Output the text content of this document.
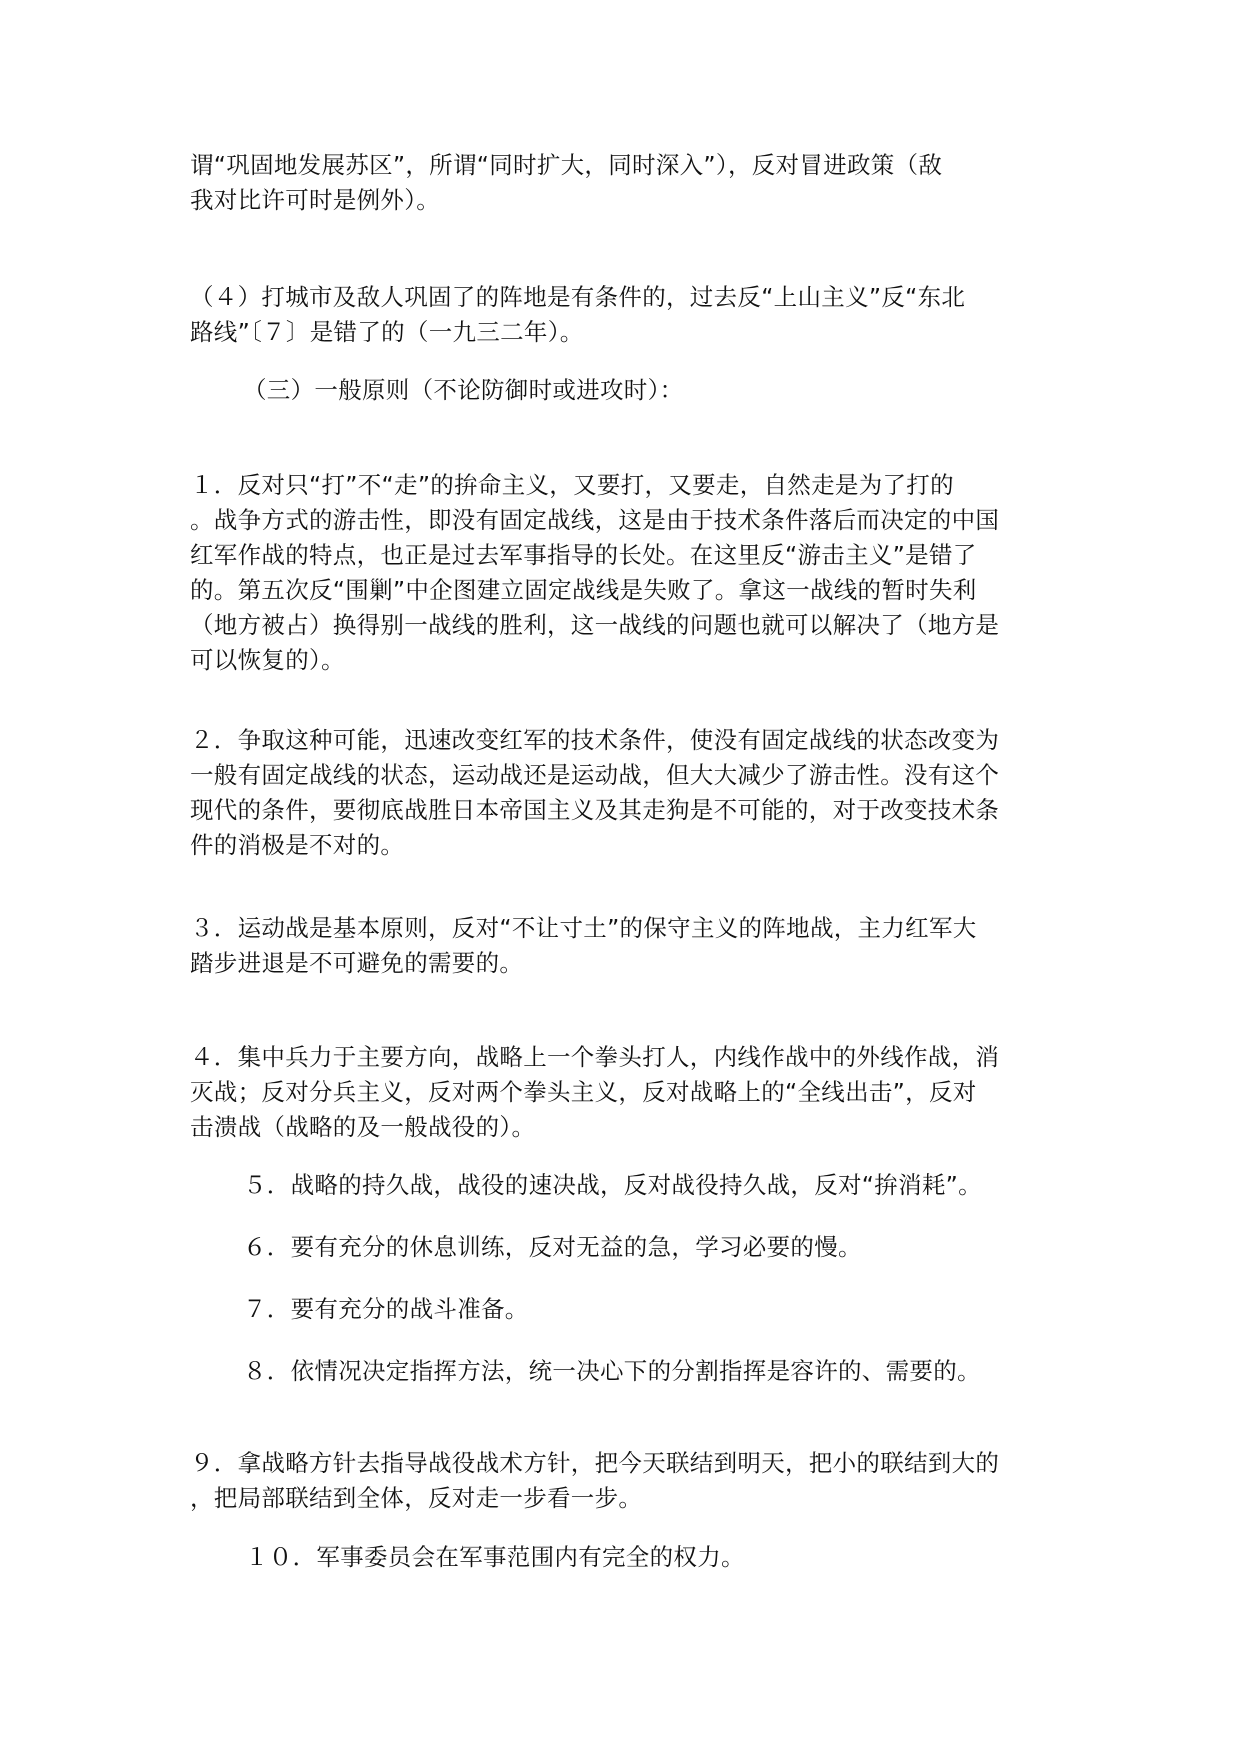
谓“巩固地发展苏区”，所谓“同时扩大，同时深入”），反对冒进政策（敌
我对比许可时是例外）。
（４）打城市及敌人巩固了的阵地是有条件的，过去反“上山主义”反“东北
路线”〔７〕是错了的（一九三二年）。
（三）一般原则（不论防御时或进攻时）：
１．反对只“打”不“走”的拚命主义，又要打，又要走，自然走是为了打的
。战争方式的游击性，即没有固定战线，这是由于技术条件落后而决定的中国
红军作战的特点，也正是过去军事指导的长处。在这里反“游击主义”是错了
的。第五次反“围剿”中企图建立固定战线是失败了。拿这一战线的暂时失利
（地方被占）换得别一战线的胜利，这一战线的问题也就可以解决了（地方是
可以恢复的）。
２．争取这种可能，迅速改变红军的技术条件，使没有固定战线的状态改变为
一般有固定战线的状态，运动战还是运动战，但大大减少了游击性。没有这个
现代的条件，要彻底战胜日本帝国主义及其走狗是不可能的，对于改变技术条
件的消极是不对的。
３．运动战是基本原则，反对“不让寸土”的保守主义的阵地战，主力红军大
踏步进退是不可避免的需要的。
４．集中兵力于主要方向，战略上一个拳头打人，内线作战中的外线作战，消
灭战；反对分兵主义，反对两个拳头主义，反对战略上的“全线出击”，反对
击溃战（战略的及一般战役的）。
５．战略的持久战，战役的速决战，反对战役持久战，反对“拚消耗”。
６．要有充分的休息训练，反对无益的急，学习必要的慢。
７．要有充分的战斗准备。
８．依情况决定指挥方法，统一决心下的分割指挥是容许的、需要的。
９．拿战略方针去指导战役战术方针，把今天联结到明天，把小的联结到大的
，把局部联结到全体，反对走一步看一步。
１０．军事委员会在军事范围内有完全的权力。
